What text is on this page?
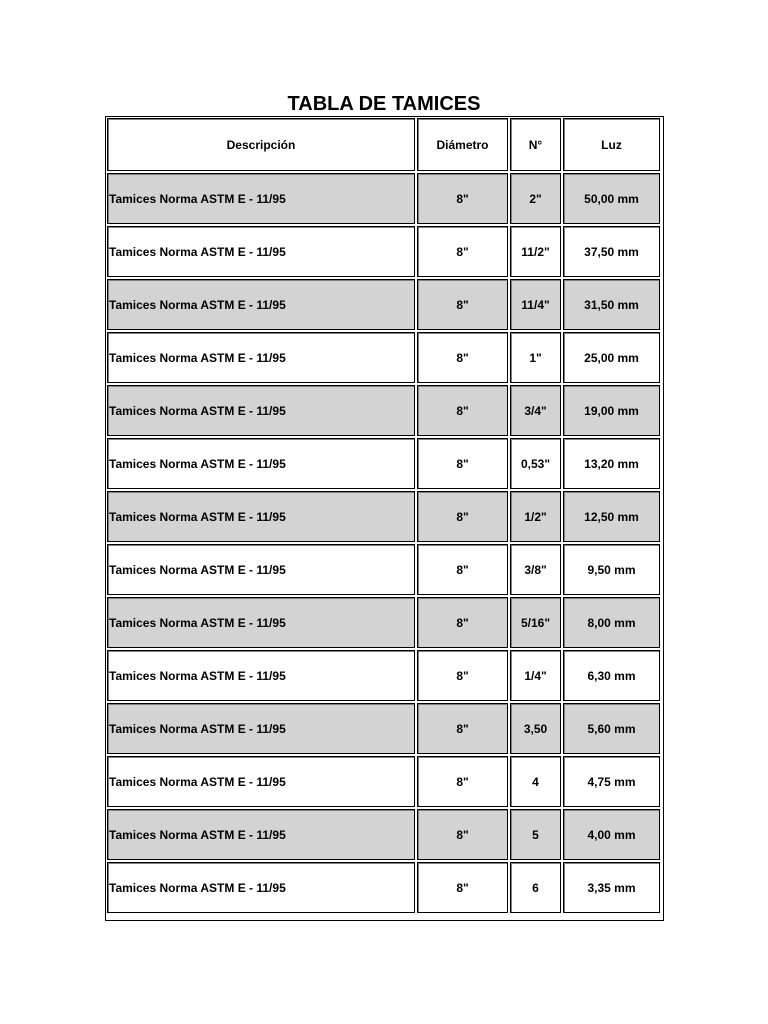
TABLA DE TAMICES
Descripción	Diámetro	N°	Luz
Tamices Norma ASTM E - 11/95	8"	2"	50,00 mm
Tamices Norma ASTM E - 11/95	8"	11/2"	37,50 mm
Tamices Norma ASTM E - 11/95	8"	11/4"	31,50 mm
Tamices Norma ASTM E - 11/95	8"	1"	25,00 mm
Tamices Norma ASTM E - 11/95	8"	3/4"	19,00 mm
Tamices Norma ASTM E - 11/95	8"	0,53"	13,20 mm
Tamices Norma ASTM E - 11/95	8"	1/2"	12,50 mm
Tamices Norma ASTM E - 11/95	8"	3/8"	9,50 mm
Tamices Norma ASTM E - 11/95	8"	5/16"	8,00 mm
Tamices Norma ASTM E - 11/95	8"	1/4"	6,30 mm
Tamices Norma ASTM E - 11/95	8"	3,50	5,60 mm
Tamices Norma ASTM E - 11/95	8"	4	4,75 mm
Tamices Norma ASTM E - 11/95	8"	5	4,00 mm
Tamices Norma ASTM E - 11/95	8"	6	3,35 mm
